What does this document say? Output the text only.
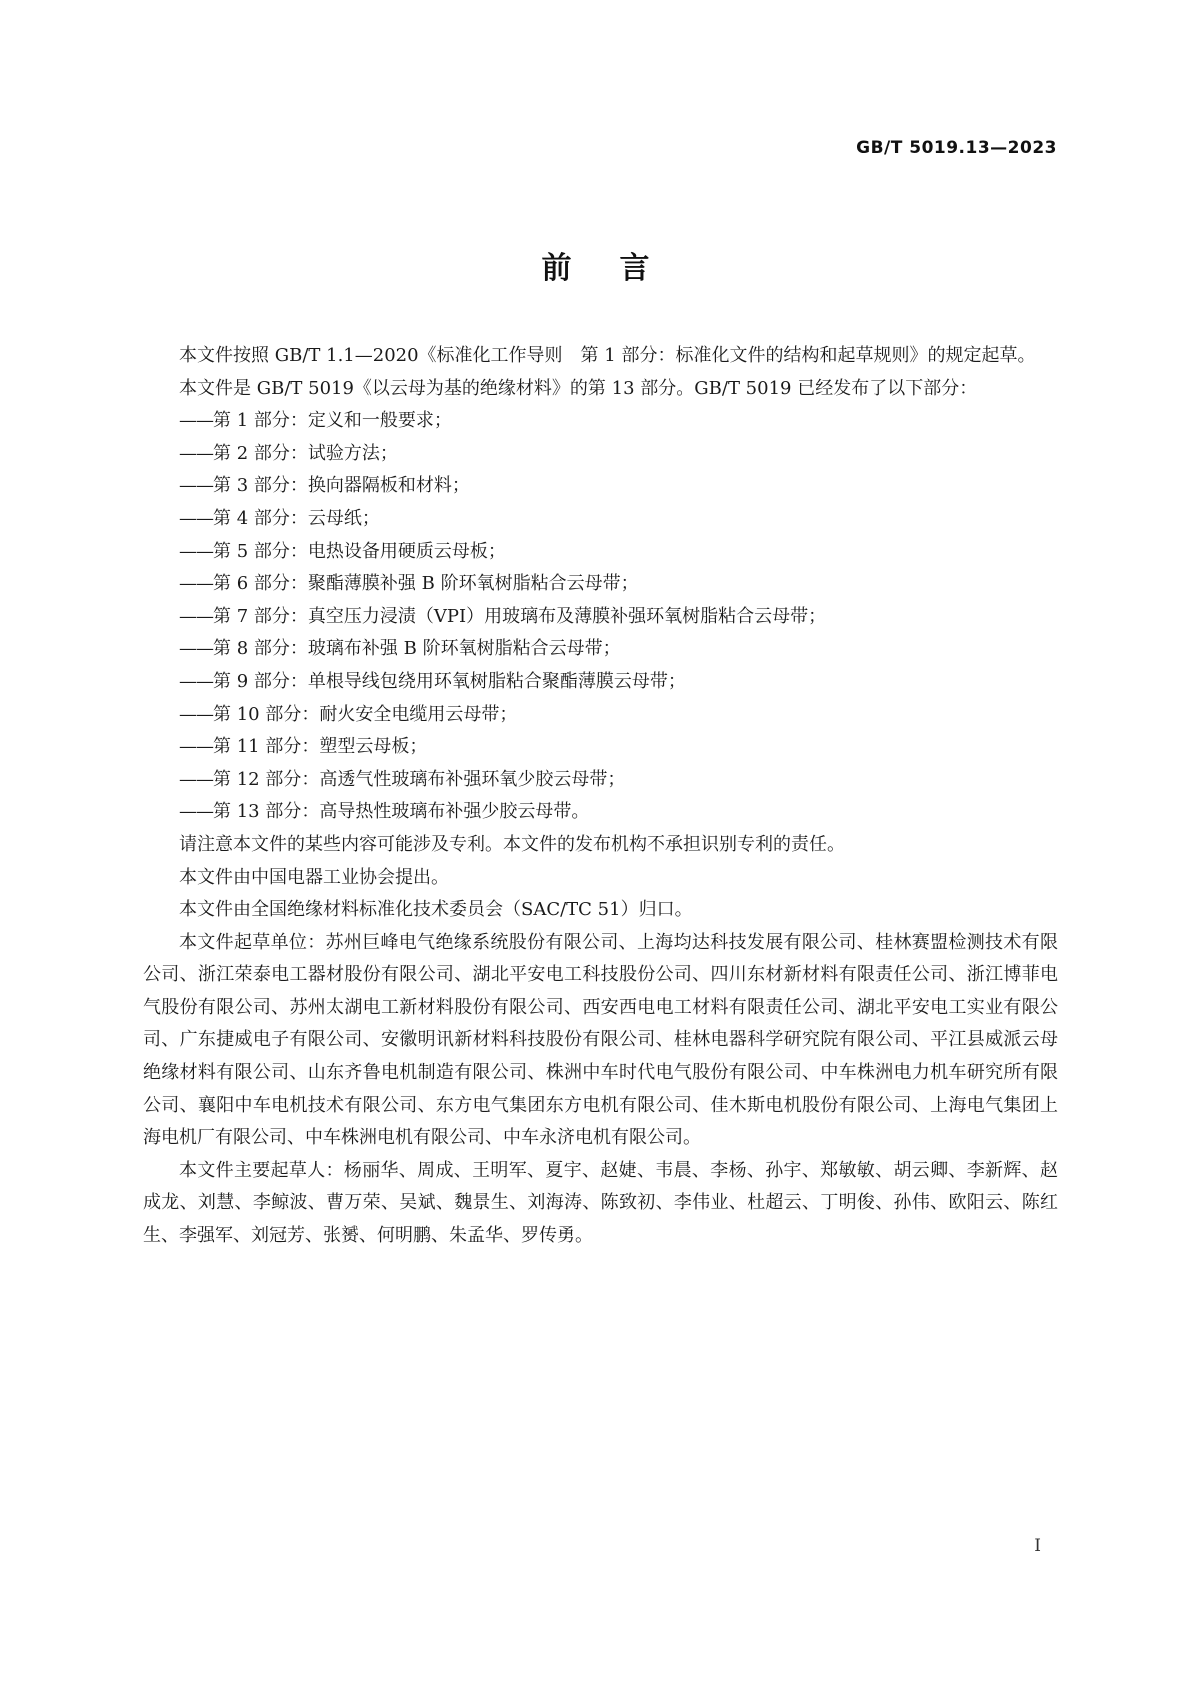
GB/T 5019.13—2023
前言

本文件按照 GB/T 1.1—2020《标准化工作导则　第 1 部分：标准化文件的结构和起草规则》的规定起草。

本文件是 GB/T 5019《以云母为基的绝缘材料》的第 13 部分。GB/T 5019 已经发布了以下部分：

——第 1 部分：定义和一般要求；
——第 2 部分：试验方法；
——第 3 部分：换向器隔板和材料；
——第 4 部分：云母纸；
——第 5 部分：电热设备用硬质云母板；
——第 6 部分：聚酯薄膜补强 B 阶环氧树脂粘合云母带；
——第 7 部分：真空压力浸渍（VPI）用玻璃布及薄膜补强环氧树脂粘合云母带；
——第 8 部分：玻璃布补强 B 阶环氧树脂粘合云母带；
——第 9 部分：单根导线包绕用环氧树脂粘合聚酯薄膜云母带；
——第 10 部分：耐火安全电缆用云母带；
——第 11 部分：塑型云母板；
——第 12 部分：高透气性玻璃布补强环氧少胶云母带；
——第 13 部分：高导热性玻璃布补强少胶云母带。

请注意本文件的某些内容可能涉及专利。本文件的发布机构不承担识别专利的责任。

本文件由中国电器工业协会提出。

本文件由全国绝缘材料标准化技术委员会（SAC/TC 51）归口。

本文件起草单位：苏州巨峰电气绝缘系统股份有限公司、上海均达科技发展有限公司、桂林赛盟检测技术有限公司、浙江荣泰电工器材股份有限公司、湖北平安电工科技股份公司、四川东材新材料有限责任公司、浙江博菲电气股份有限公司、苏州太湖电工新材料股份有限公司、西安西电电工材料有限责任公司、湖北平安电工实业有限公司、广东捷威电子有限公司、安徽明讯新材料科技股份有限公司、桂林电器科学研究院有限公司、平江县威派云母绝缘材料有限公司、山东齐鲁电机制造有限公司、株洲中车时代电气股份有限公司、中车株洲电力机车研究所有限公司、襄阳中车电机技术有限公司、东方电气集团东方电机有限公司、佳木斯电机股份有限公司、上海电气集团上海电机厂有限公司、中车株洲电机有限公司、中车永济电机有限公司。

本文件主要起草人：杨丽华、周成、王明军、夏宇、赵婕、韦晨、李杨、孙宇、郑敏敏、胡云卿、李新辉、赵成龙、刘慧、李鲸波、曹万荣、吴斌、魏景生、刘海涛、陈致初、李伟业、杜超云、丁明俊、孙伟、欧阳云、陈红生、李强军、刘冠芳、张赟、何明鹏、朱孟华、罗传勇。

I
